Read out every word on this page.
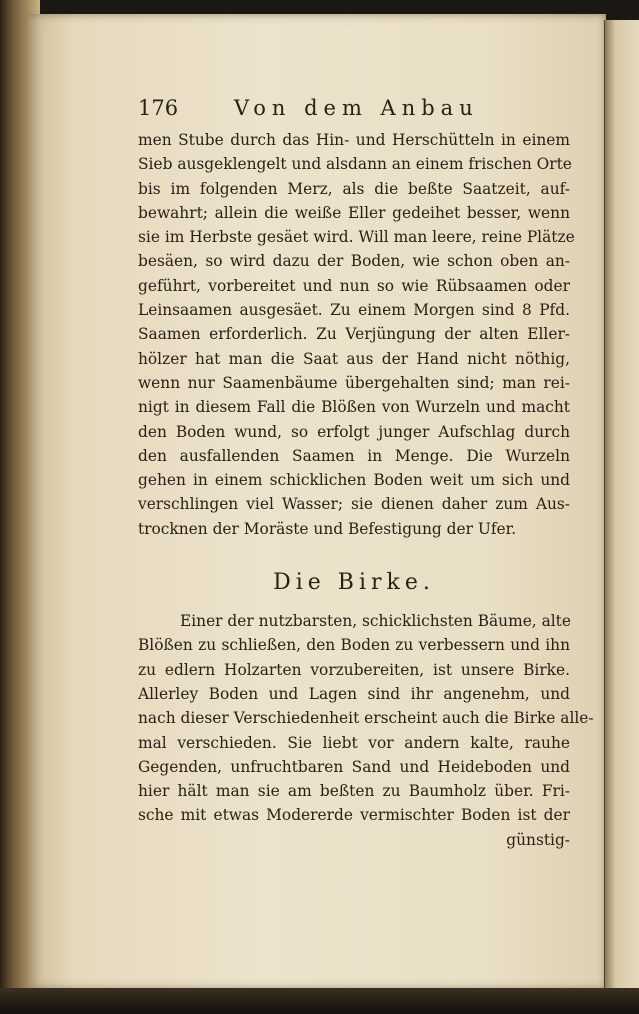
176	Von dem Anbau
men Stube durch das Hin- und Herschütteln in einem
Sieb ausgeklengelt und alsdann an einem frischen Orte
bis im folgenden Merz, als die beßte Saatzeit, auf-
bewahrt; allein die weiße Eller gedeihet besser, wenn
sie im Herbste gesäet wird. Will man leere, reine Plätze
besäen, so wird dazu der Boden, wie schon oben an-
geführt, vorbereitet und nun so wie Rübsaamen oder
Leinsaamen ausgesäet. Zu einem Morgen sind 8 Pfd.
Saamen erforderlich. Zu Verjüngung der alten Eller-
hölzer hat man die Saat aus der Hand nicht nöthig,
wenn nur Saamenbäume übergehalten sind; man rei-
nigt in diesem Fall die Blößen von Wurzeln und macht
den Boden wund, so erfolgt junger Aufschlag durch
den ausfallenden Saamen in Menge. Die Wurzeln
gehen in einem schicklichen Boden weit um sich und
verschlingen viel Wasser; sie dienen daher zum Aus-
trocknen der Moräste und Befestigung der Ufer.
Die Birke.
Einer der nutzbarsten, schicklichsten Bäume, alte
Blößen zu schließen, den Boden zu verbessern und ihn
zu edlern Holzarten vorzubereiten, ist unsere Birke.
Allerley Boden und Lagen sind ihr angenehm, und
nach dieser Verschiedenheit erscheint auch die Birke alle-
mal verschieden. Sie liebt vor andern kalte, rauhe
Gegenden, unfruchtbaren Sand und Heideboden und
hier hält man sie am beßten zu Baumholz über. Fri-
sche mit etwas Modererde vermischter Boden ist der
günstig-
